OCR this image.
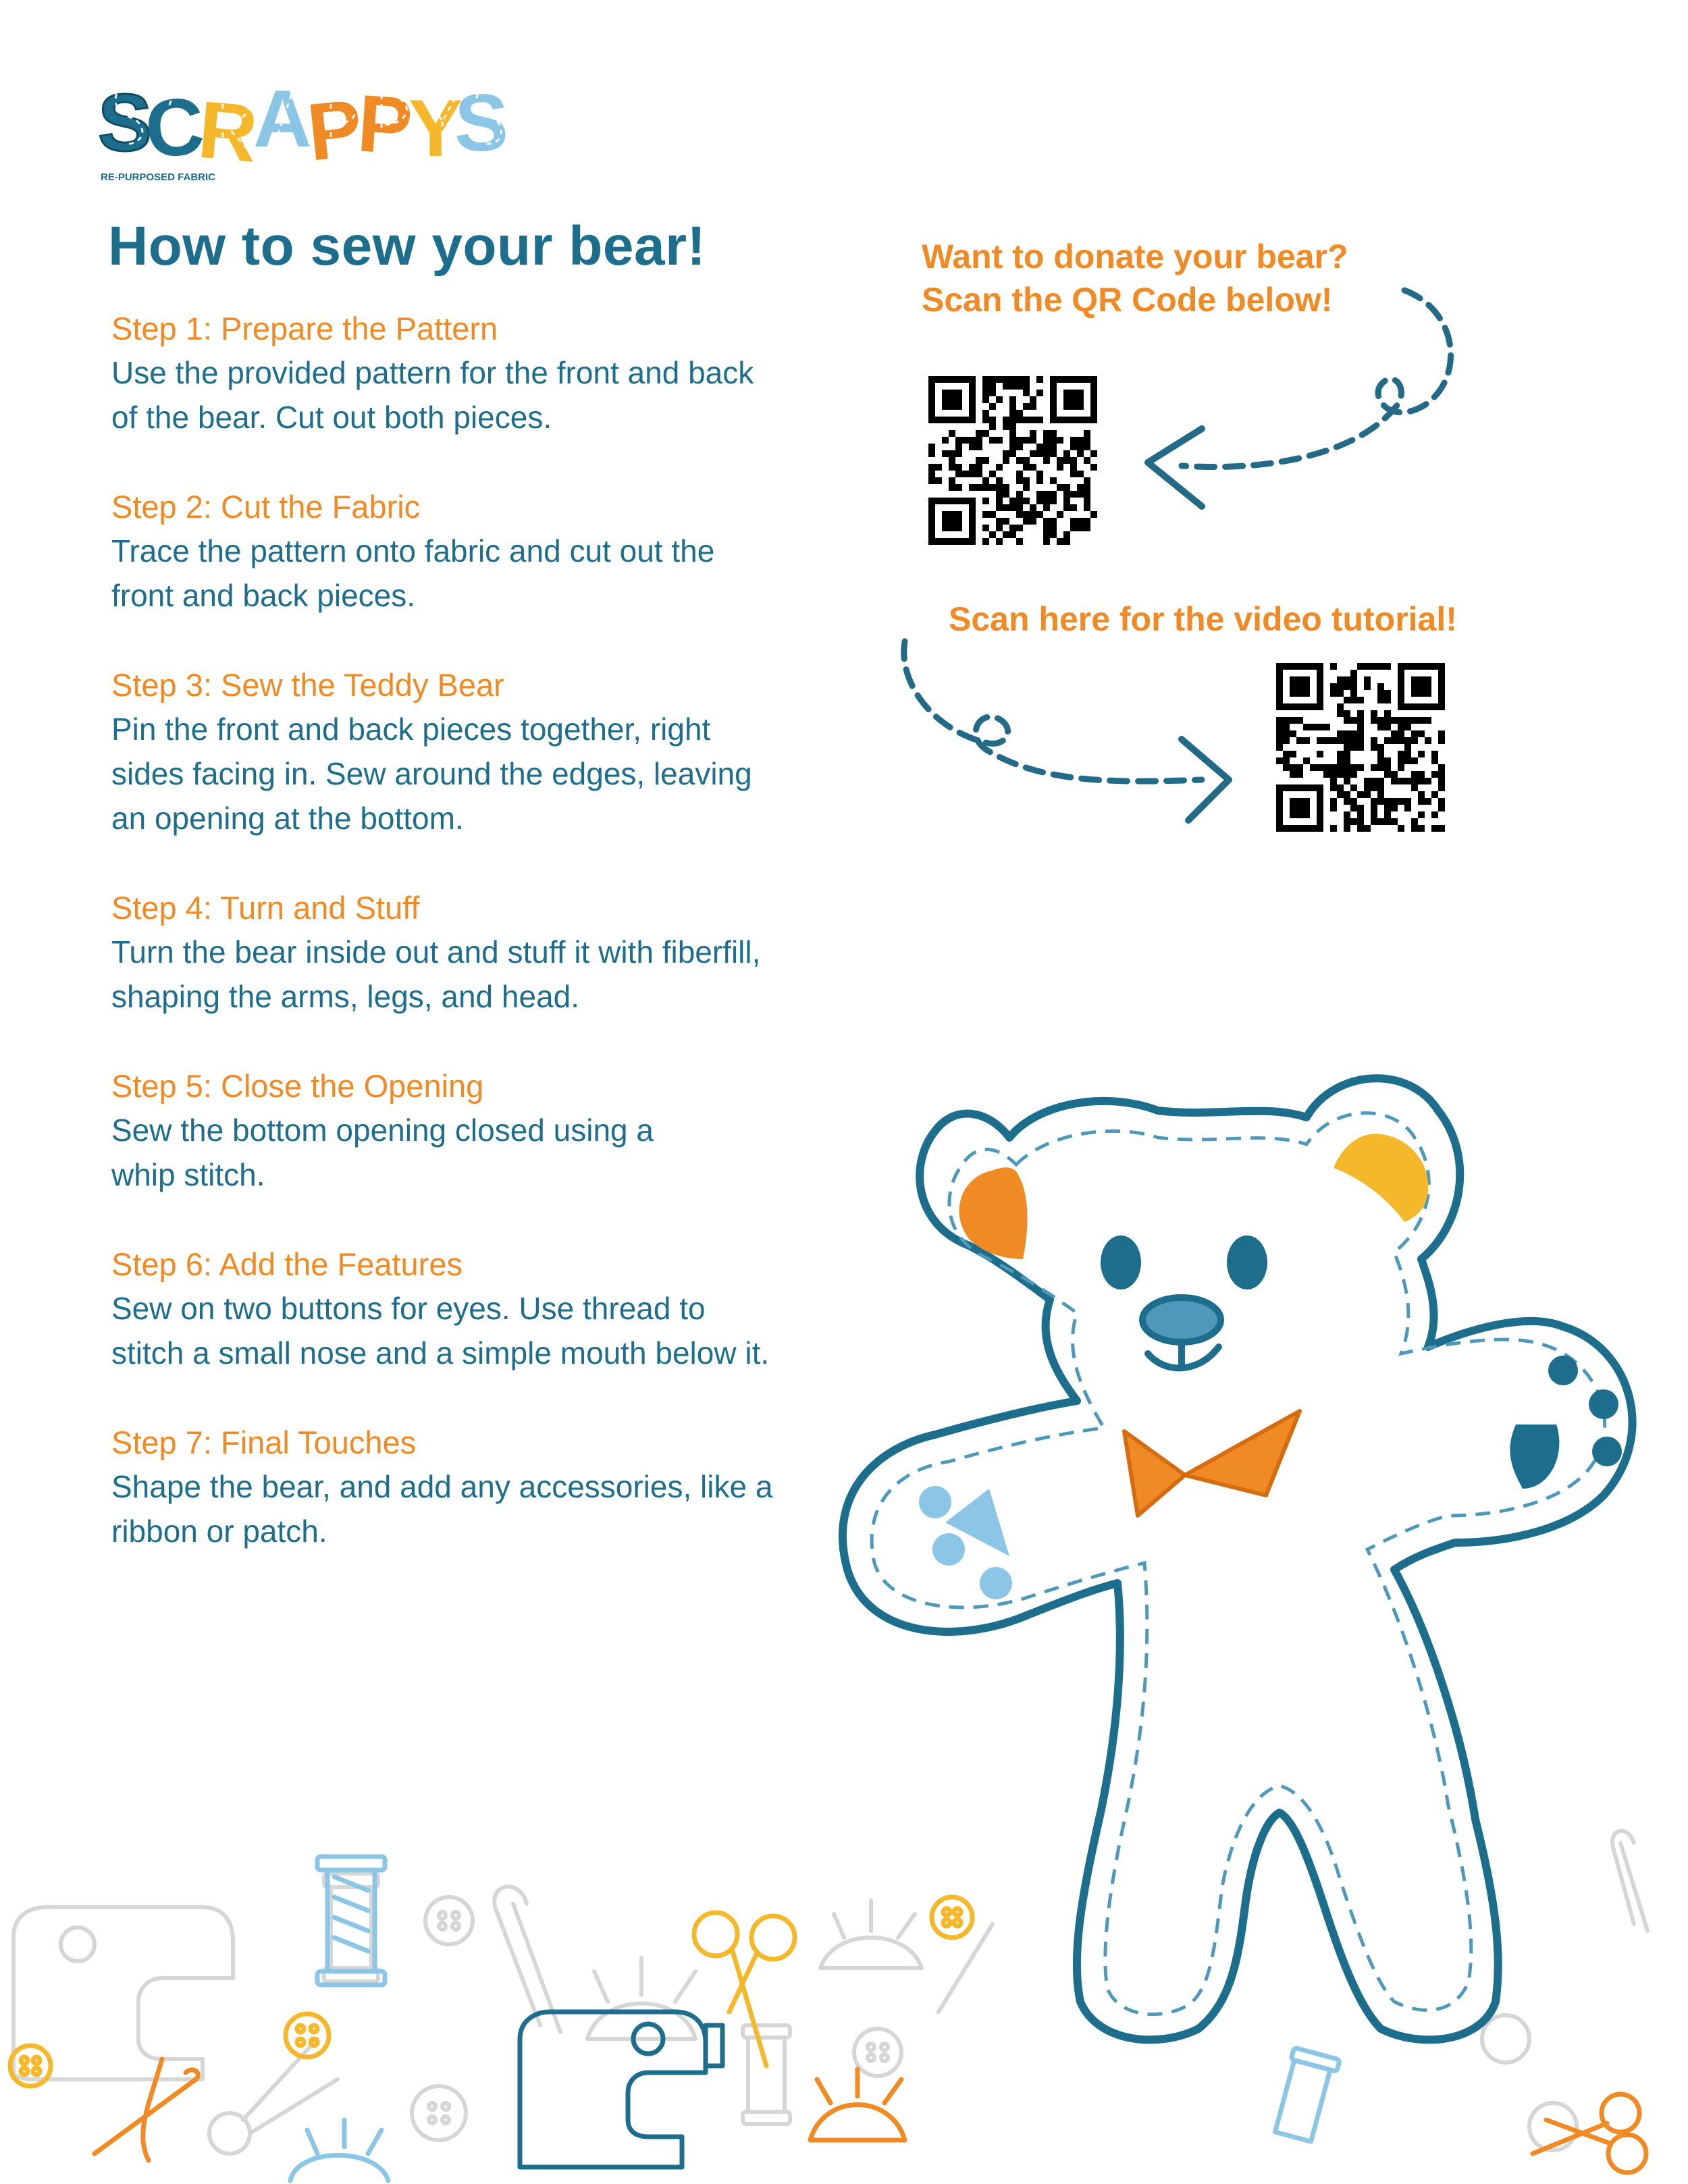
S
C
R
A
P
P
Y
S
RE-PURPOSED FABRIC
How to sew your bear!
Step 1: Prepare the Pattern
Use the provided pattern for the front and back
of the bear. Cut out both pieces.
Step 2: Cut the Fabric
Trace the pattern onto fabric and cut out the
front and back pieces.
Step 3: Sew the Teddy Bear
Pin the front and back pieces together, right
sides facing in. Sew around the edges, leaving
an opening at the bottom.
Step 4: Turn and Stuff
Turn the bear inside out and stuff it with fiberfill,
shaping the arms, legs, and head.
Step 5: Close the Opening
Sew the bottom opening closed using a
whip stitch.
Step 6: Add the Features
Sew on two buttons for eyes. Use thread to
stitch a small nose and a simple mouth below it.
Step 7: Final Touches
Shape the bear, and add any accessories, like a
ribbon or patch.
Want to donate your bear?
Scan the QR Code below!
Scan here for the video tutorial!
